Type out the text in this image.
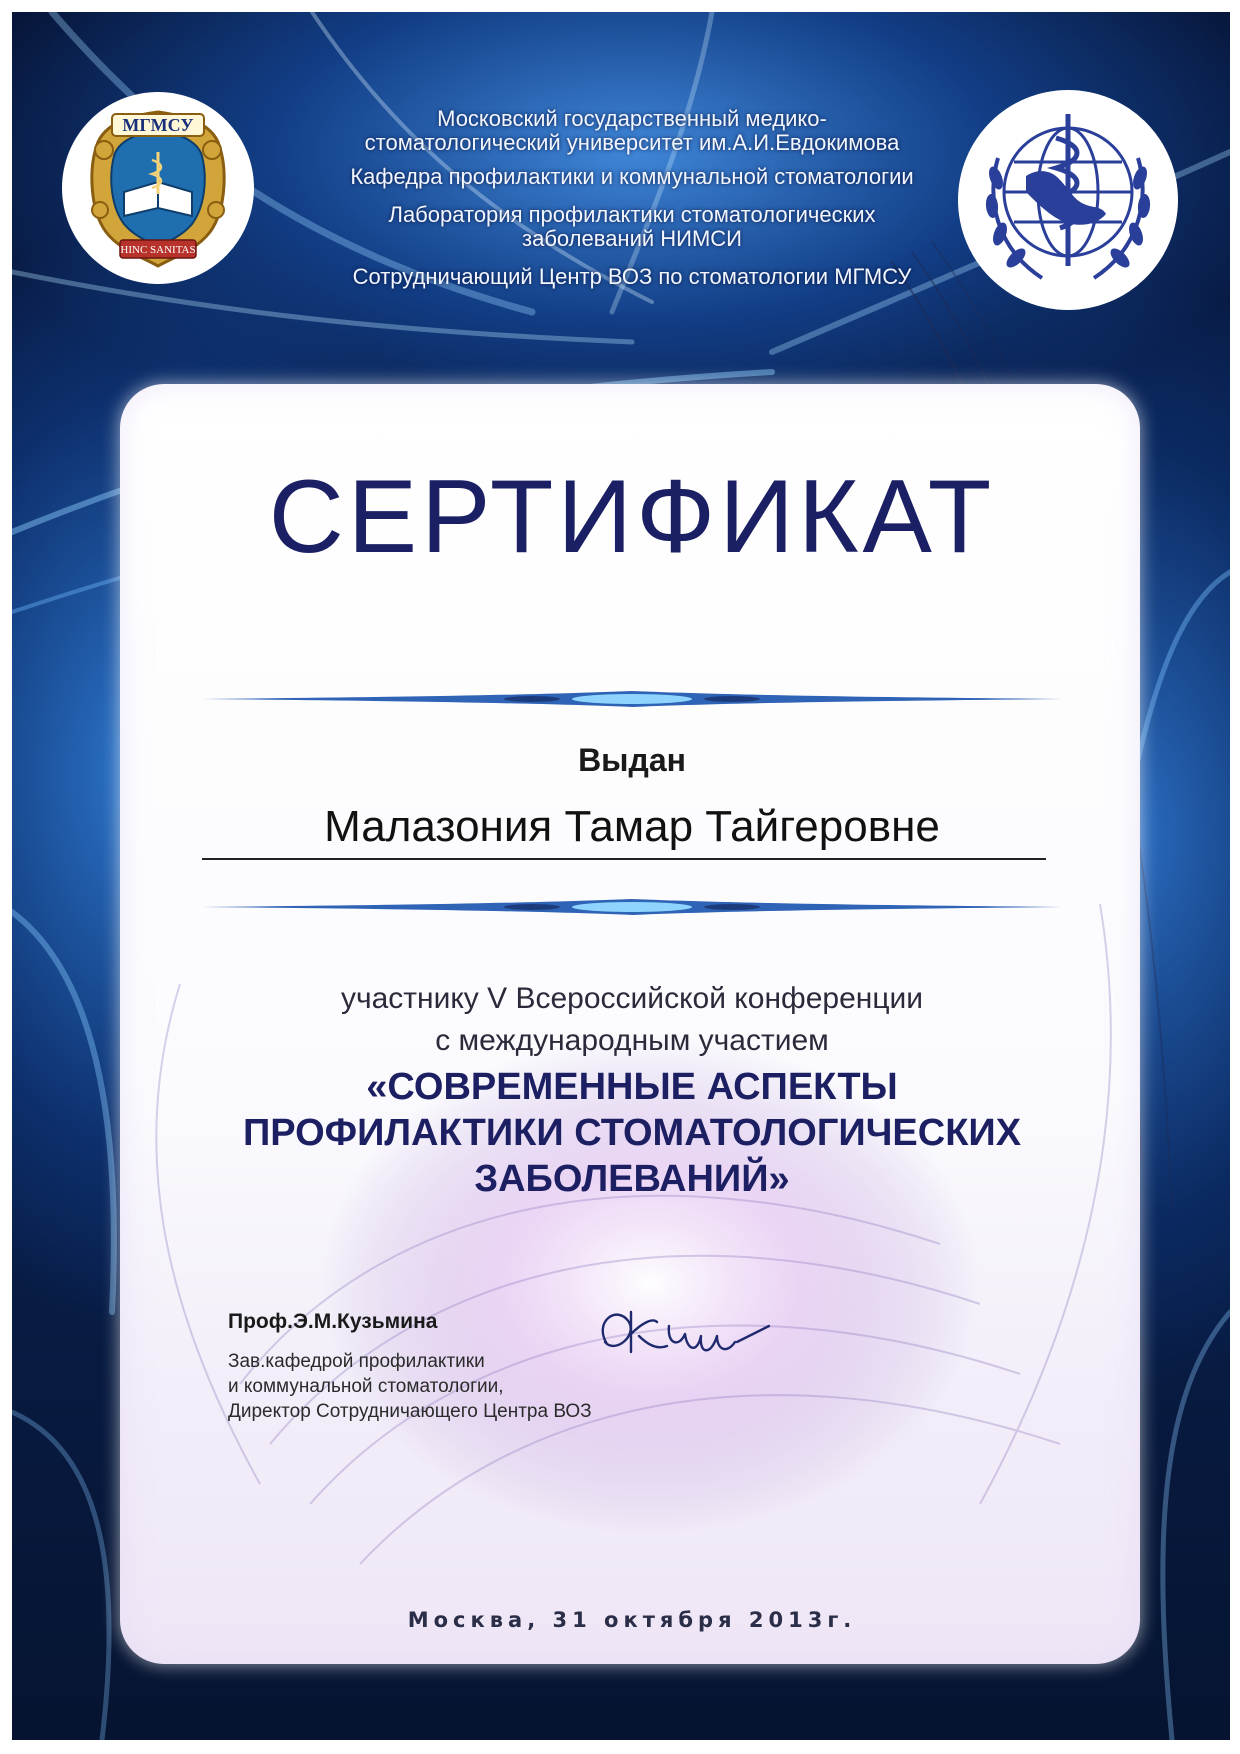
Московский государственный медико-
стоматологический университет им.А.И.Евдокимова
Кафедра профилактики и коммунальной стоматологии
Лаборатория профилактики стоматологических
заболеваний НИМСИ
Сотрудничающий Центр ВОЗ по стоматологии МГМСУ
МГМСУ
HINC SANITAS
СЕРТИФИКАТ
Выдан
Малазония Тамар Тайгеровне
участнику V Всероссийской конференции
с международным участием
«СОВРЕМЕННЫЕ АСПЕКТЫ
ПРОФИЛАКТИКИ СТОМАТОЛОГИЧЕСКИХ
ЗАБОЛЕВАНИЙ»
Проф.Э.М.Кузьмина
Зав.кафедрой профилактики
и коммунальной стоматологии,
Директор Сотрудничающего Центра ВОЗ
Москва, 31 октября 2013г.
